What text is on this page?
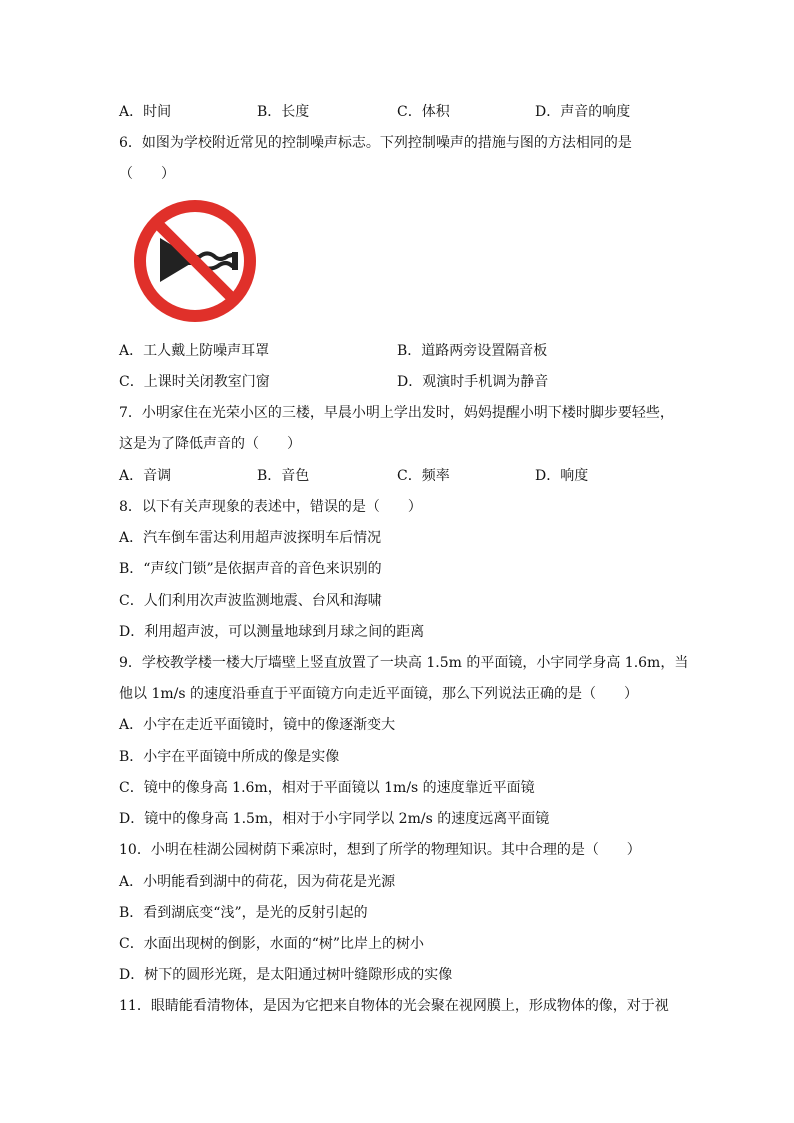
A．时间	B．长度	C．体积	D．声音的响度
6．如图为学校附近常见的控制噪声标志。下列控制噪声的措施与图的方法相同的是
（　　）
A．工人戴上防噪声耳罩	B．道路两旁设置隔音板
C．上课时关闭教室门窗	D．观演时手机调为静音
7．小明家住在光荣小区的三楼，早晨小明上学出发时，妈妈提醒小明下楼时脚步要轻些，
这是为了降低声音的（　　）
A．音调	B．音色	C．频率	D．响度
8．以下有关声现象的表述中，错误的是（　　）
A．汽车倒车雷达利用超声波探明车后情况
B．“声纹门锁”是依据声音的音色来识别的
C．人们利用次声波监测地震、台风和海啸
D．利用超声波，可以测量地球到月球之间的距离
9．学校教学楼一楼大厅墙壁上竖直放置了一块高 1.5m 的平面镜，小宇同学身高 1.6m，当
他以 1m/s 的速度沿垂直于平面镜方向走近平面镜，那么下列说法正确的是（　　）
A．小宇在走近平面镜时，镜中的像逐渐变大
B．小宇在平面镜中所成的像是实像
C．镜中的像身高 1.6m，相对于平面镜以 1m/s 的速度靠近平面镜
D．镜中的像身高 1.5m，相对于小宇同学以 2m/s 的速度远离平面镜
10．小明在桂湖公园树荫下乘凉时，想到了所学的物理知识。其中合理的是（　　）
A．小明能看到湖中的荷花，因为荷花是光源
B．看到湖底变“浅”，是光的反射引起的
C．水面出现树的倒影，水面的“树”比岸上的树小
D．树下的圆形光斑，是太阳通过树叶缝隙形成的实像
11．眼睛能看清物体，是因为它把来自物体的光会聚在视网膜上，形成物体的像，对于视
